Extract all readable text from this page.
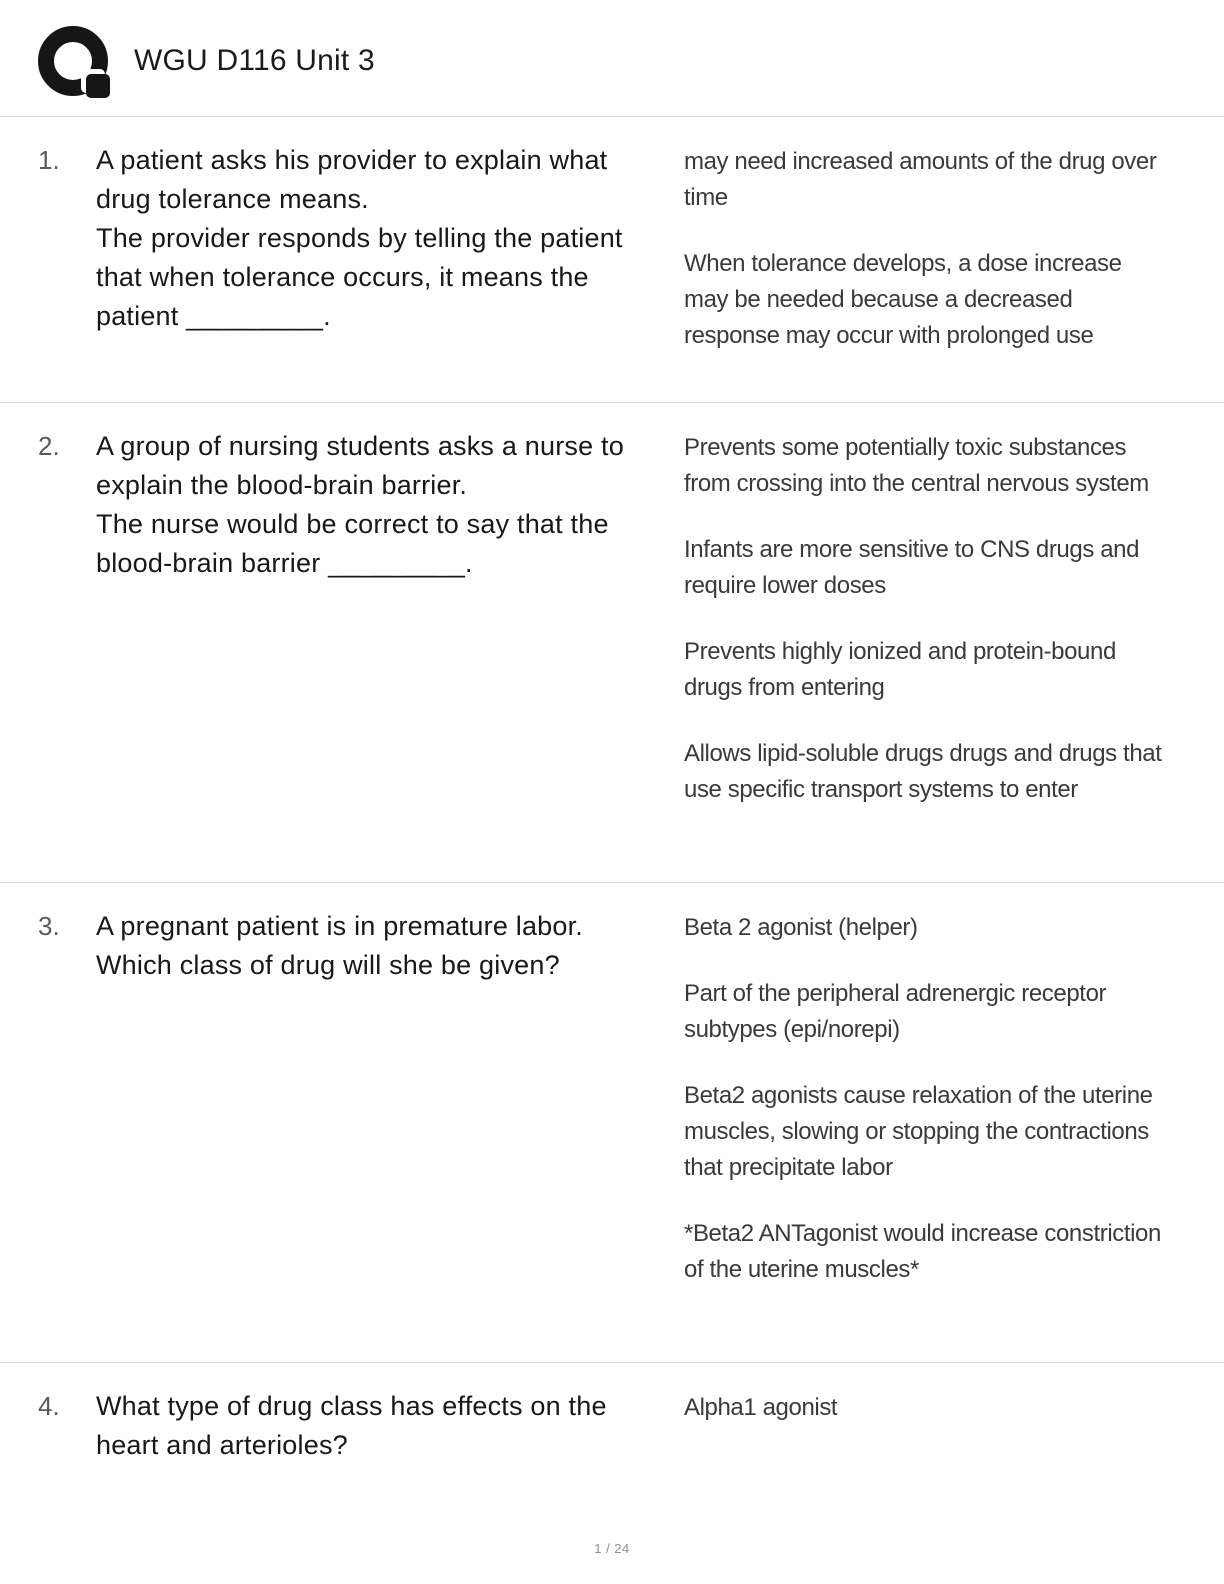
WGU D116 Unit 3
1.	A patient asks his provider to explain what drug tolerance means.
The provider responds by telling the patient that when tolerance occurs, it means the patient _________.
may need increased amounts of the drug over time
When tolerance develops, a dose increase may be needed because a decreased response may occur with prolonged use
2.	A group of nursing students asks a nurse to explain the blood-brain barrier.
The nurse would be correct to say that the blood-brain barrier _________.
Prevents some potentially toxic substances from crossing into the central nervous system
Infants are more sensitive to CNS drugs and require lower doses
Prevents highly ionized and protein-bound drugs from entering
Allows lipid-soluble drugs drugs and drugs that use specific transport systems to enter
3.	A pregnant patient is in premature labor.
Which class of drug will she be given?
Beta 2 agonist (helper)
Part of the peripheral adrenergic receptor subtypes (epi/norepi)
Beta2 agonists cause relaxation of the uterine muscles, slowing or stopping the contractions that precipitate labor
*Beta2 ANTagonist would increase constriction of the uterine muscles*
4.	What type of drug class has effects on the heart and arterioles?
Alpha1 agonist
1 / 24
